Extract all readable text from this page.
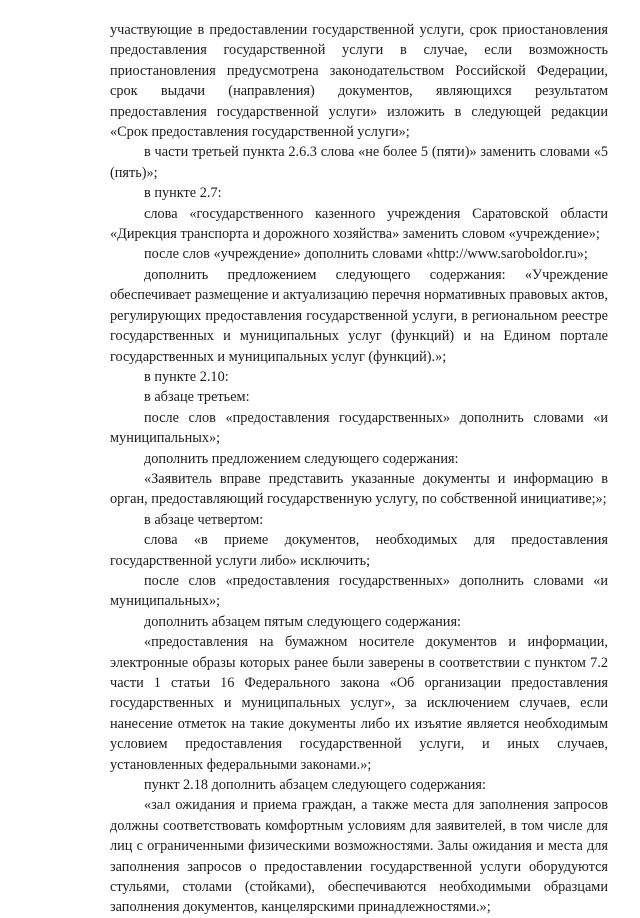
участвующие в предоставлении государственной услуги, срок приостановления предоставления государственной услуги в случае, если возможность приостановления предусмотрена законодательством Российской Федерации, срок выдачи (направления) документов, являющихся результатом предоставления государственной услуги» изложить в следующей редакции «Срок предоставления государственной услуги»;

в части третьей пункта 2.6.3 слова «не более 5 (пяти)» заменить словами «5 (пять)»;

в пункте 2.7:

слова «государственного казенного учреждения Саратовской области «Дирекция транспорта и дорожного хозяйства» заменить словом «учреждение»;

после слов «учреждение» дополнить словами «http://www.saroboldor.ru»;

дополнить предложением следующего содержания: «Учреждение обеспечивает размещение и актуализацию перечня нормативных правовых актов, регулирующих предоставления государственной услуги, в региональном реестре государственных и муниципальных услуг (функций) и на Едином портале государственных и муниципальных услуг (функций).»;

в пункте 2.10:

в абзаце третьем:

после слов «предоставления государственных» дополнить словами «и муниципальных»;

дополнить предложением следующего содержания:

«Заявитель вправе представить указанные документы и информацию в орган, предоставляющий государственную услугу, по собственной инициативе;»;

в абзаце четвертом:

слова «в приеме документов, необходимых для предоставления государственной услуги либо» исключить;

после слов «предоставления государственных» дополнить словами «и муниципальных»;

дополнить абзацем пятым следующего содержания:

«предоставления на бумажном носителе документов и информации, электронные образы которых ранее были заверены в соответствии с пунктом 7.2 части 1 статьи 16 Федерального закона «Об организации предоставления государственных и муниципальных услуг», за исключением случаев, если нанесение отметок на такие документы либо их изъятие является необходимым условием предоставления государственной услуги, и иных случаев, установленных федеральными законами.»;

пункт 2.18 дополнить абзацем следующего содержания:

«зал ожидания и приема граждан, а также места для заполнения запросов должны соответствовать комфортным условиям для заявителей, в том числе для лиц с ограниченными физическими возможностями. Залы ожидания и места для заполнения запросов о предоставлении государственной услуги оборудуются стульями, столами (стойками), обеспечиваются необходимыми образцами заполнения документов, канцелярскими принадлежностями.»;
